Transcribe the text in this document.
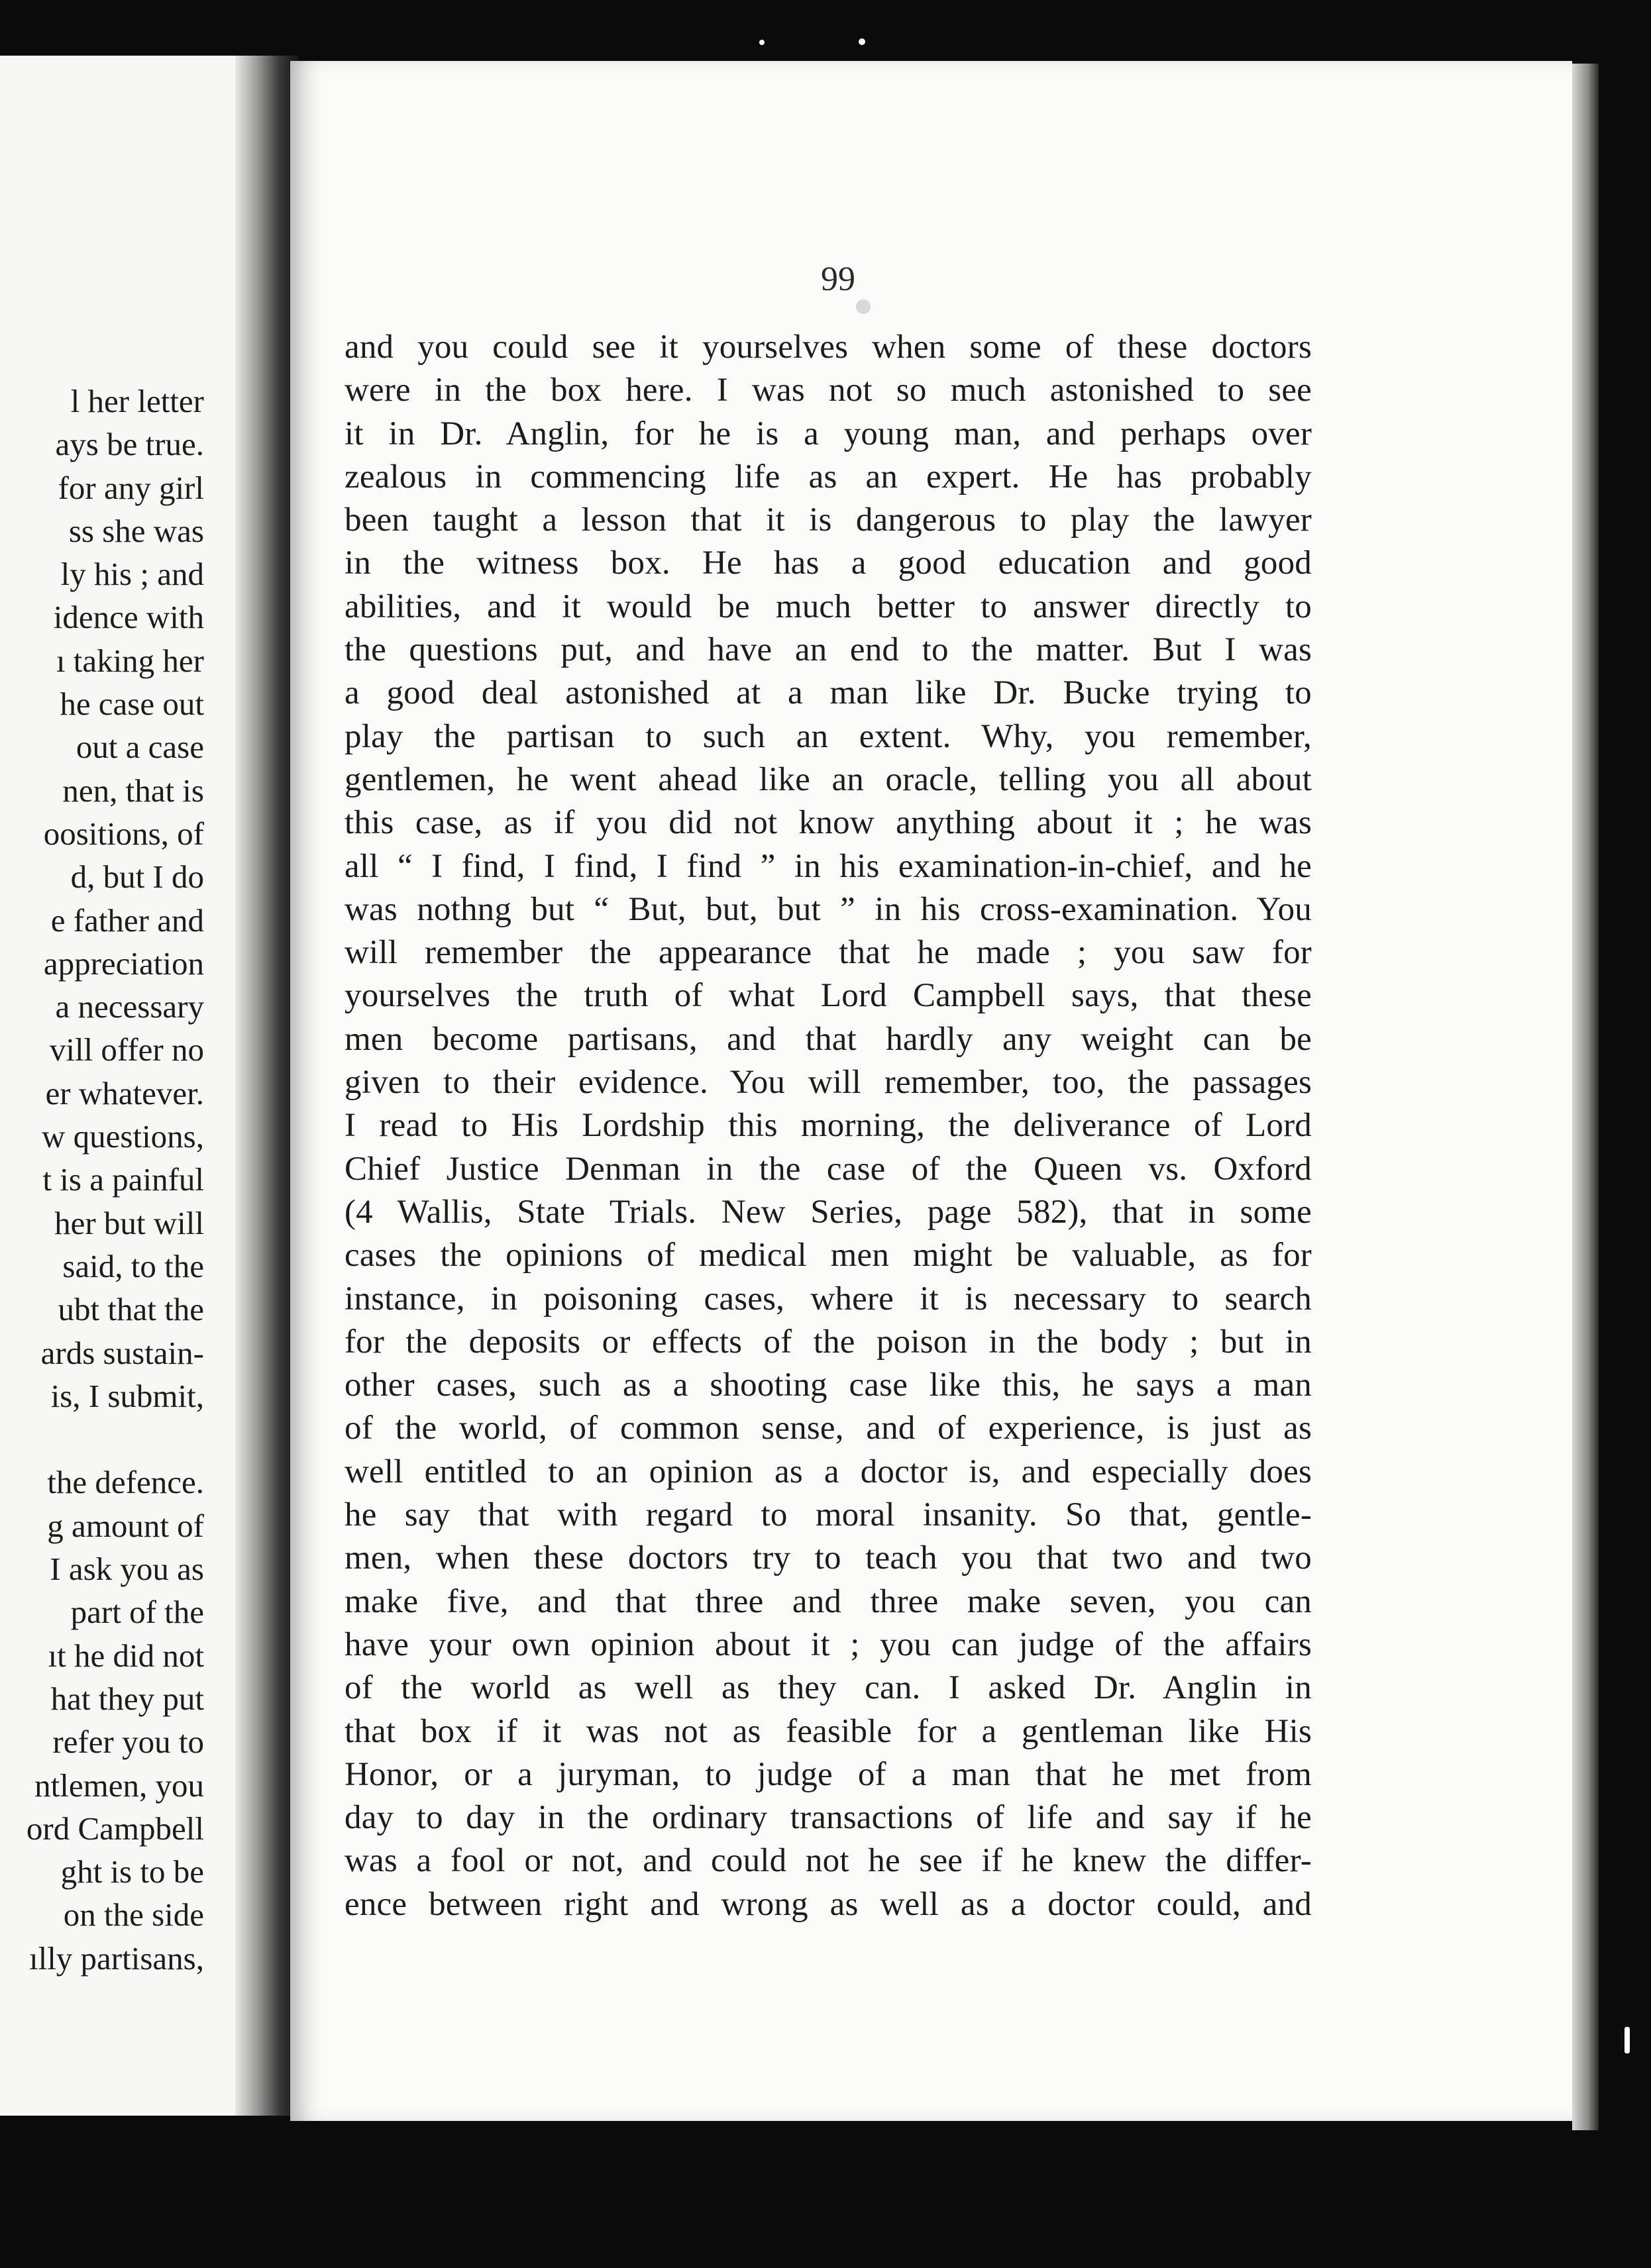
l her letter
ays be true.
for any girl
ss she was
ly his ; and
idence with
ı taking her
he case out
out a case
nen, that is
oositions, of
d, but I do
e father and
appreciation
a necessary
vill offer no
er whatever.
w questions,
t is a painful
her but will
said, to the
ubt that the
ards sustain-
is, I submit,
the defence.
g amount of
I ask you as
part of the
ıt he did not
hat they put
refer you to
ntlemen, you
ord Campbell
ght is to be
on the side
ılly partisans,
99
and you could see it yourselves when some of these doctors
were in the box here. I was not so much astonished to see
it in Dr. Anglin, for he is a young man, and perhaps over
zealous in commencing life as an expert. He has probably
been taught a lesson that it is dangerous to play the lawyer
in the witness box. He has a good education and good
abilities, and it would be much better to answer directly to
the questions put, and have an end to the matter. But I was
a good deal astonished at a man like Dr. Bucke trying to
play the partisan to such an extent. Why, you remember,
gentlemen, he went ahead like an oracle, telling you all about
this case, as if you did not know anything about it ; he was
all “ I find, I find, I find ” in his examination-in-chief, and he
was nothng but “ But, but, but ” in his cross-examination. You
will remember the appearance that he made ; you saw for
yourselves the truth of what Lord Campbell says, that these
men become partisans, and that hardly any weight can be
given to their evidence. You will remember, too, the passages
I read to His Lordship this morning, the deliverance of Lord
Chief Justice Denman in the case of the Queen vs. Oxford
(4 Wallis, State Trials. New Series, page 582), that in some
cases the opinions of medical men might be valuable, as for
instance, in poisoning cases, where it is necessary to search
for the deposits or effects of the poison in the body ; but in
other cases, such as a shooting case like this, he says a man
of the world, of common sense, and of experience, is just as
well entitled to an opinion as a doctor is, and especially does
he say that with regard to moral insanity. So that, gentle-
men, when these doctors try to teach you that two and two
make five, and that three and three make seven, you can
have your own opinion about it ; you can judge of the affairs
of the world as well as they can. I asked Dr. Anglin in
that box if it was not as feasible for a gentleman like His
Honor, or a juryman, to judge of a man that he met from
day to day in the ordinary transactions of life and say if he
was a fool or not, and could not he see if he knew the differ-
ence between right and wrong as well as a doctor could, and
